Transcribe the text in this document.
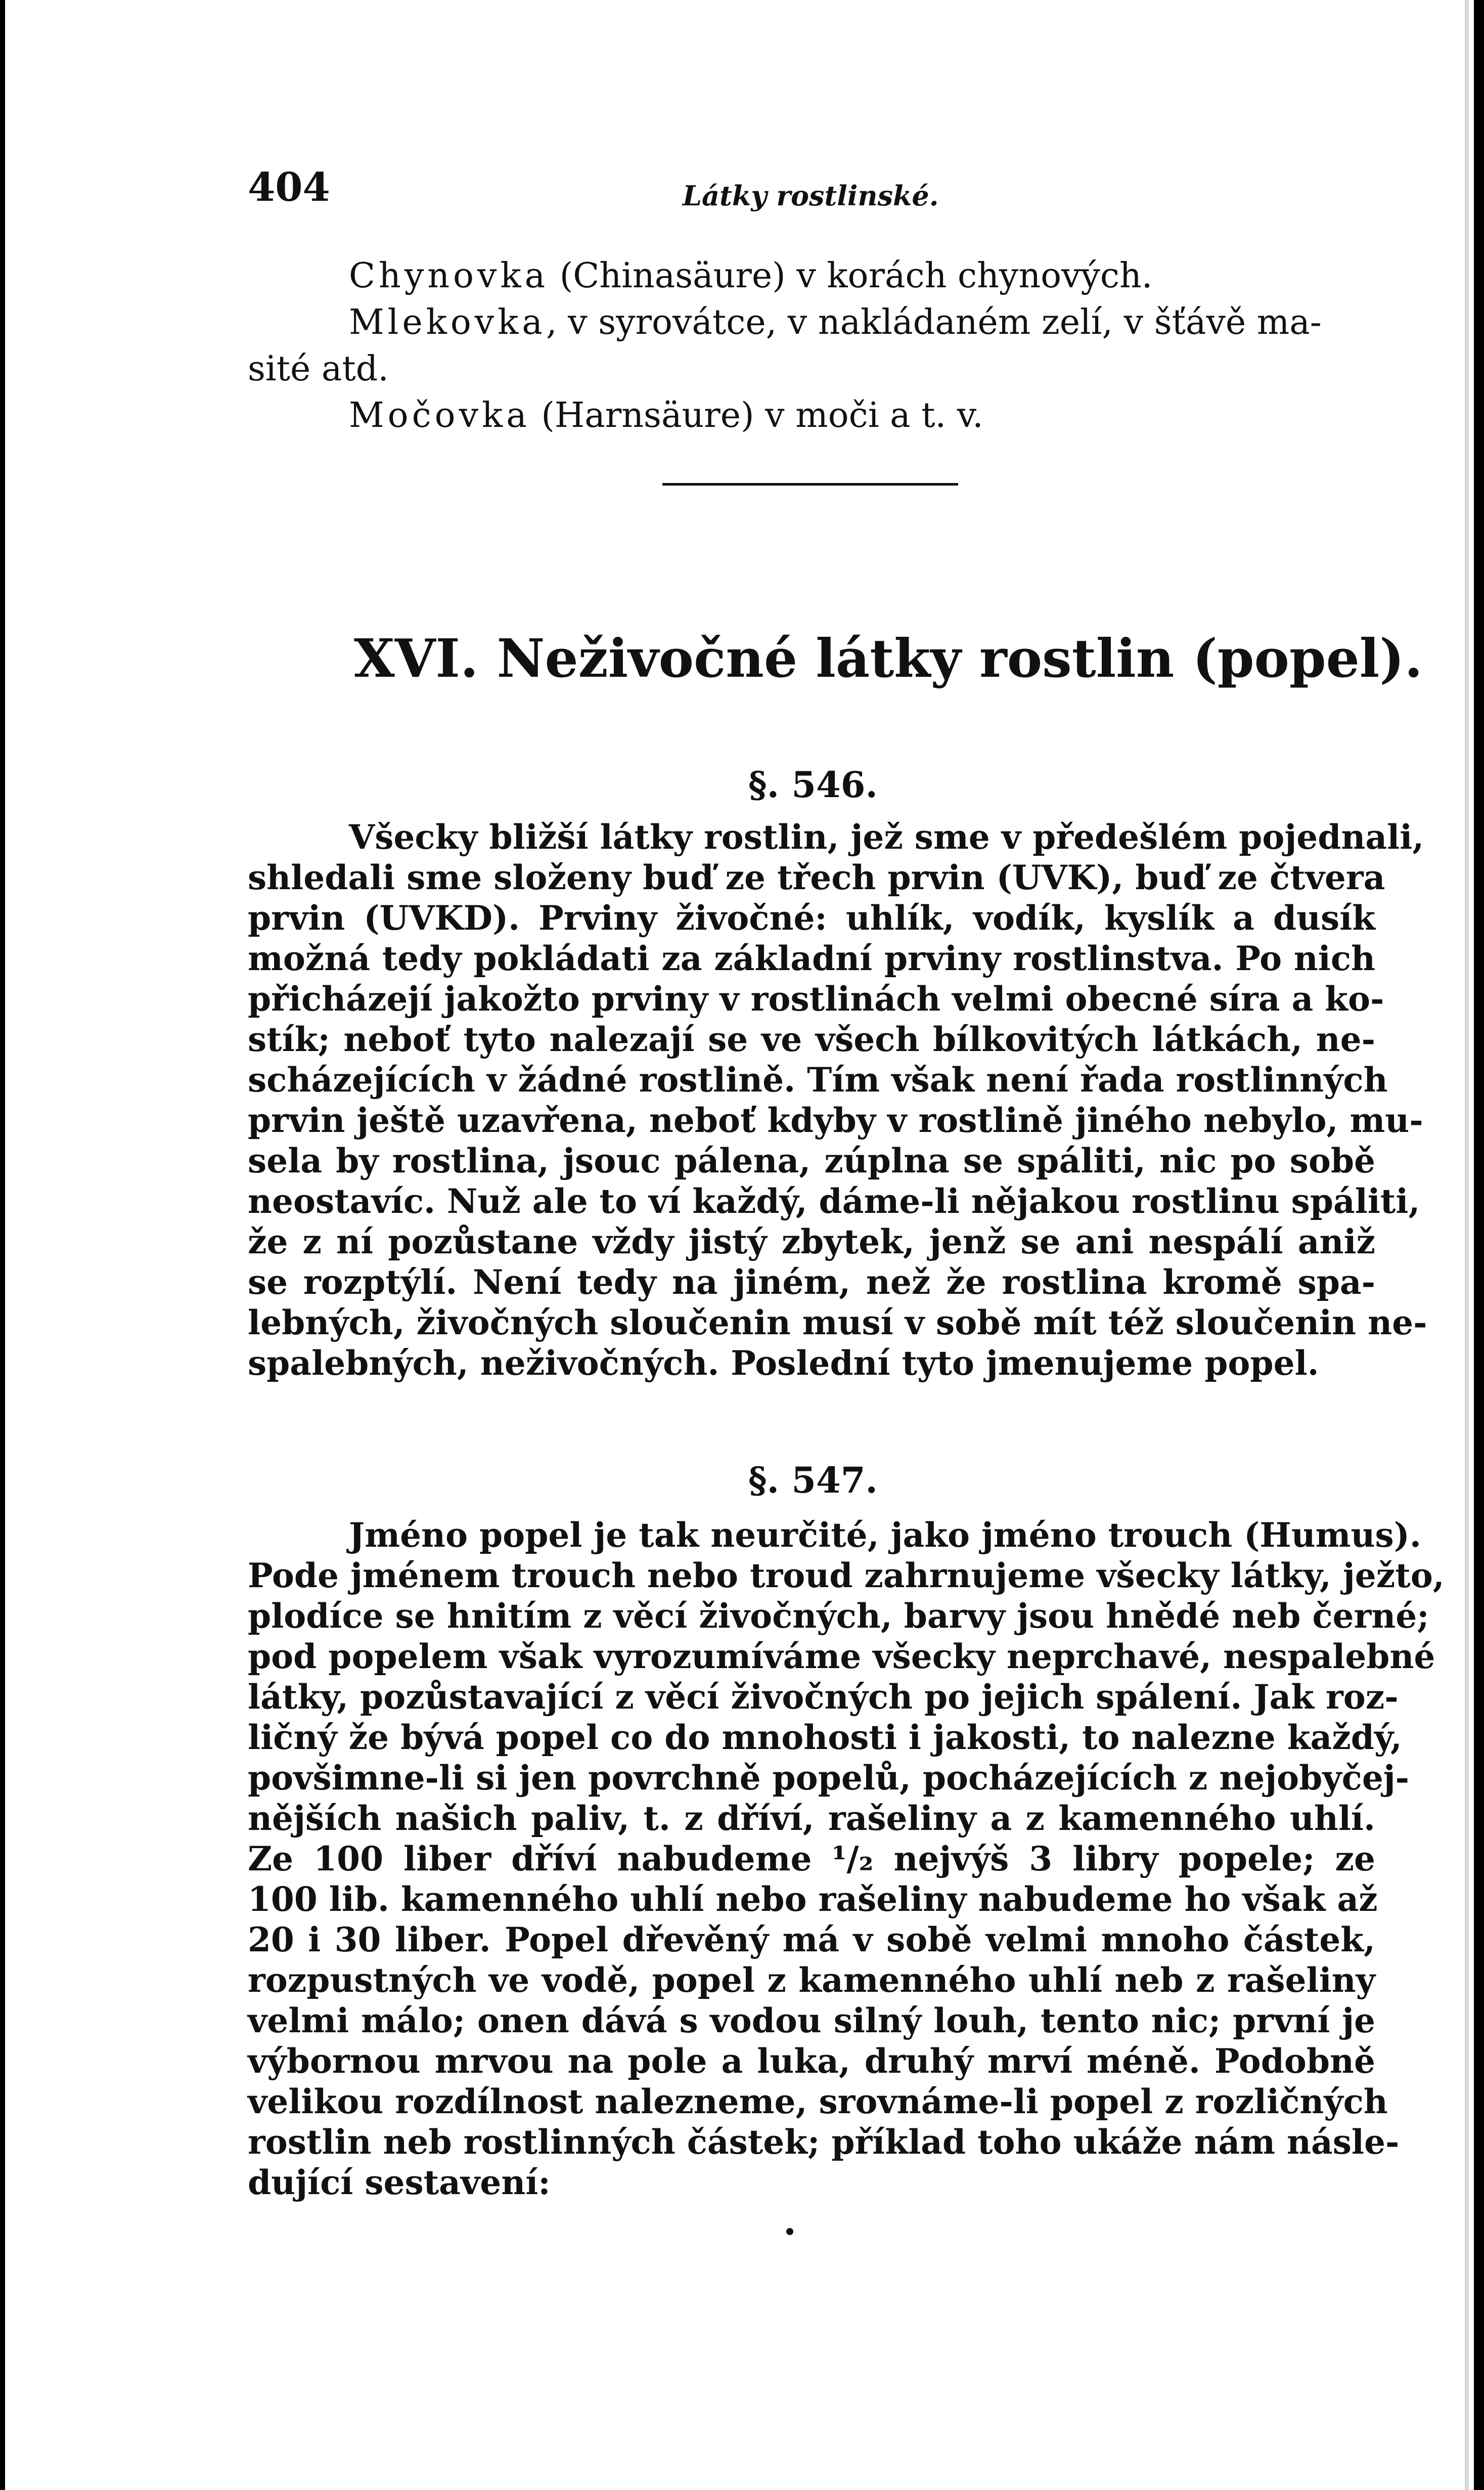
404	Látky rostlinské.
Chynovka (Chinasäure) v korách chynových.
Mlekovka, v syrovátce, v nakládaném zelí, v šťávě ma-
sité atd.
Močovka (Harnsäure) v moči a t. v.
XVI. Neživočné látky rostlin (popel).
§. 546.
Všecky bližší látky rostlin, jež sme v předešlém pojednali,
shledali sme složeny buď ze třech prvin (UVK), buď ze čtvera
prvin (UVKD). Prviny živočné: uhlík, vodík, kyslík a dusík
možná tedy pokládati za základní prviny rostlinstva. Po nich
přicházejí jakožto prviny v rostlinách velmi obecné síra a ko-
stík; neboť tyto nalezají se ve všech bílkovitých látkách, ne-
scházejících v žádné rostlině. Tím však není řada rostlinných
prvin ještě uzavřena, neboť kdyby v rostlině jiného nebylo, mu-
sela by rostlina, jsouc pálena, zúplna se spáliti, nic po sobě
neostavíc. Nuž ale to ví každý, dáme-li nějakou rostlinu spáliti,
že z ní pozůstane vždy jistý zbytek, jenž se ani nespálí aniž
se rozptýlí. Není tedy na jiném, než že rostlina kromě spa-
lebných, živočných sloučenin musí v sobě mít též sloučenin ne-
spalebných, neživočných. Poslední tyto jmenujeme popel.
§. 547.
Jméno popel je tak neurčité, jako jméno trouch (Humus).
Pode jménem trouch nebo troud zahrnujeme všecky látky, ježto,
plodíce se hnitím z věcí živočných, barvy jsou hnědé neb černé;
pod popelem však vyrozumíváme všecky neprchavé, nespalebné
látky, pozůstavající z věcí živočných po jejich spálení. Jak roz-
ličný že bývá popel co do mnohosti i jakosti, to nalezne každý,
povšimne-li si jen povrchně popelů, pocházejících z nejobyčej-
nějších našich paliv, t. z dříví, rašeliny a z kamenného uhlí.
Ze 100 liber dříví nabudeme ¹/₂ nejvýš 3 libry popele; ze
100 lib. kamenného uhlí nebo rašeliny nabudeme ho však až
20 i 30 liber. Popel dřevěný má v sobě velmi mnoho částek,
rozpustných ve vodě, popel z kamenného uhlí neb z rašeliny
velmi málo; onen dává s vodou silný louh, tento nic; první je
výbornou mrvou na pole a luka, druhý mrví méně. Podobně
velikou rozdílnost nalezneme, srovnáme-li popel z rozličných
rostlin neb rostlinných částek; příklad toho ukáže nám násle-
dující sestavení:
